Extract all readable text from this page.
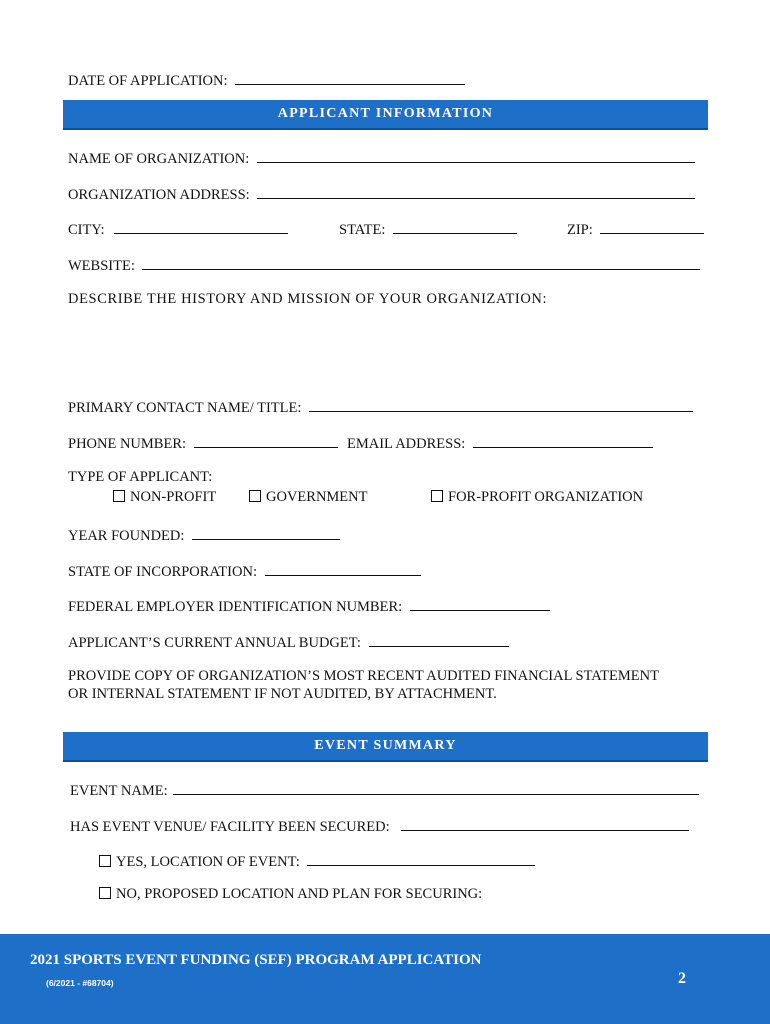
DATE OF APPLICATION:
APPLICANT INFORMATION
NAME OF ORGANIZATION:
ORGANIZATION ADDRESS:
CITY:	STATE:	ZIP:
WEBSITE:
DESCRIBE THE HISTORY AND MISSION OF YOUR ORGANIZATION:
PRIMARY CONTACT NAME/ TITLE:
PHONE NUMBER:	EMAIL ADDRESS:
TYPE OF APPLICANT:
NON-PROFIT	GOVERNMENT	FOR-PROFIT ORGANIZATION
YEAR FOUNDED:
STATE OF INCORPORATION:
FEDERAL EMPLOYER IDENTIFICATION NUMBER:
APPLICANT’S CURRENT ANNUAL BUDGET:
PROVIDE COPY OF ORGANIZATION’S MOST RECENT AUDITED FINANCIAL STATEMENT
OR INTERNAL STATEMENT IF NOT AUDITED, BY ATTACHMENT.
EVENT SUMMARY
EVENT NAME:
HAS EVENT VENUE/ FACILITY BEEN SECURED:
YES, LOCATION OF EVENT:
NO, PROPOSED LOCATION AND PLAN FOR SECURING:
2021 SPORTS EVENT FUNDING (SEF) PROGRAM APPLICATION
(6/2021 - #68704)	2
